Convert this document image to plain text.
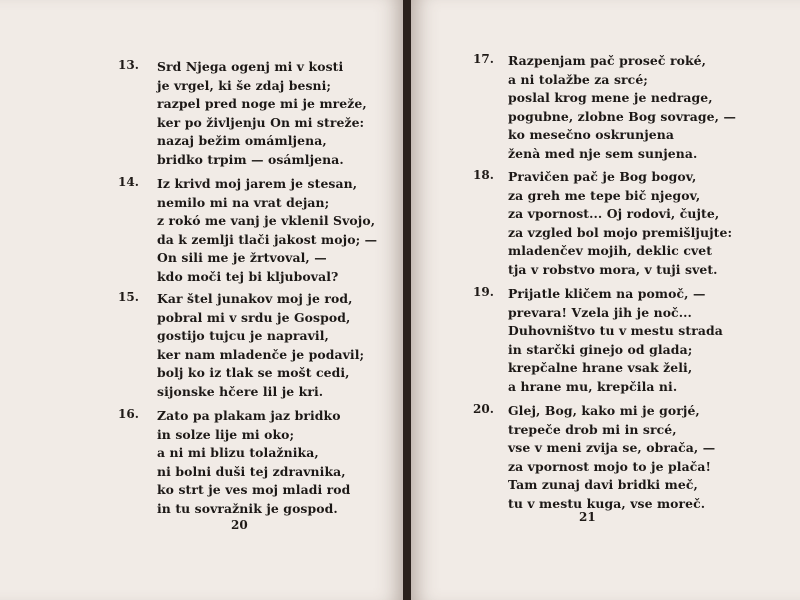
13. Srd Njega ogenj mi v kosti
je vrgel, ki še zdaj besni;
razpel pred noge mi je mreže,
ker po življenju On mi streže:
nazaj bežim omámljena,
bridko trpim — osámljena.
14. Iz krivd moj jarem je stesan,
nemilo mi na vrat dejan;
z rokó me vanj je vklenil Svojo,
da k zemlji tlači jakost mojo; —
On sili me je žrtvoval, —
kdo moči tej bi kljuboval?
15. Kar štel junakov moj je rod,
pobral mi v srdu je Gospod,
gostijo tujcu je napravil,
ker nam mladenče je podavil;
bolj ko iz tlak se mošt cedi,
sijonske hčere lil je kri.
16. Zato pa plakam jaz bridko
in solze lije mi oko;
a ni mi blizu tolažnika,
ni bolni duši tej zdravnika,
ko strt je ves moj mladi rod
in tu sovražnik je gospod.
20
17. Razpenjam pač proseč roké,
a ni tolažbe za srcé;
poslal krog mene je nedrage,
pogubne, zlobne Bog sovrage, —
ko mesečno oskrunjena
ženà med nje sem sunjena.
18. Pravičen pač je Bog bogov,
za greh me tepe bič njegov,
za vpornost... Oj rodovi, čujte,
za vzgled bol mojo premišljujte:
mladenčev mojih, deklic cvet
tja v robstvo mora, v tuji svet.
19. Prijatle kličem na pomoč, —
prevara! Vzela jih je noč...
Duhovništvo tu v mestu strada
in starčki ginejo od glada;
krepčalne hrane vsak želi,
a hrane mu, krepčila ni.
20. Glej, Bog, kako mi je gorjé,
trepeče drob mi in srcé,
vse v meni zvija se, obrača, —
za vpornost mojo to je plača!
Tam zunaj davi bridki meč,
tu v mestu kuga, vse moreč.
21
